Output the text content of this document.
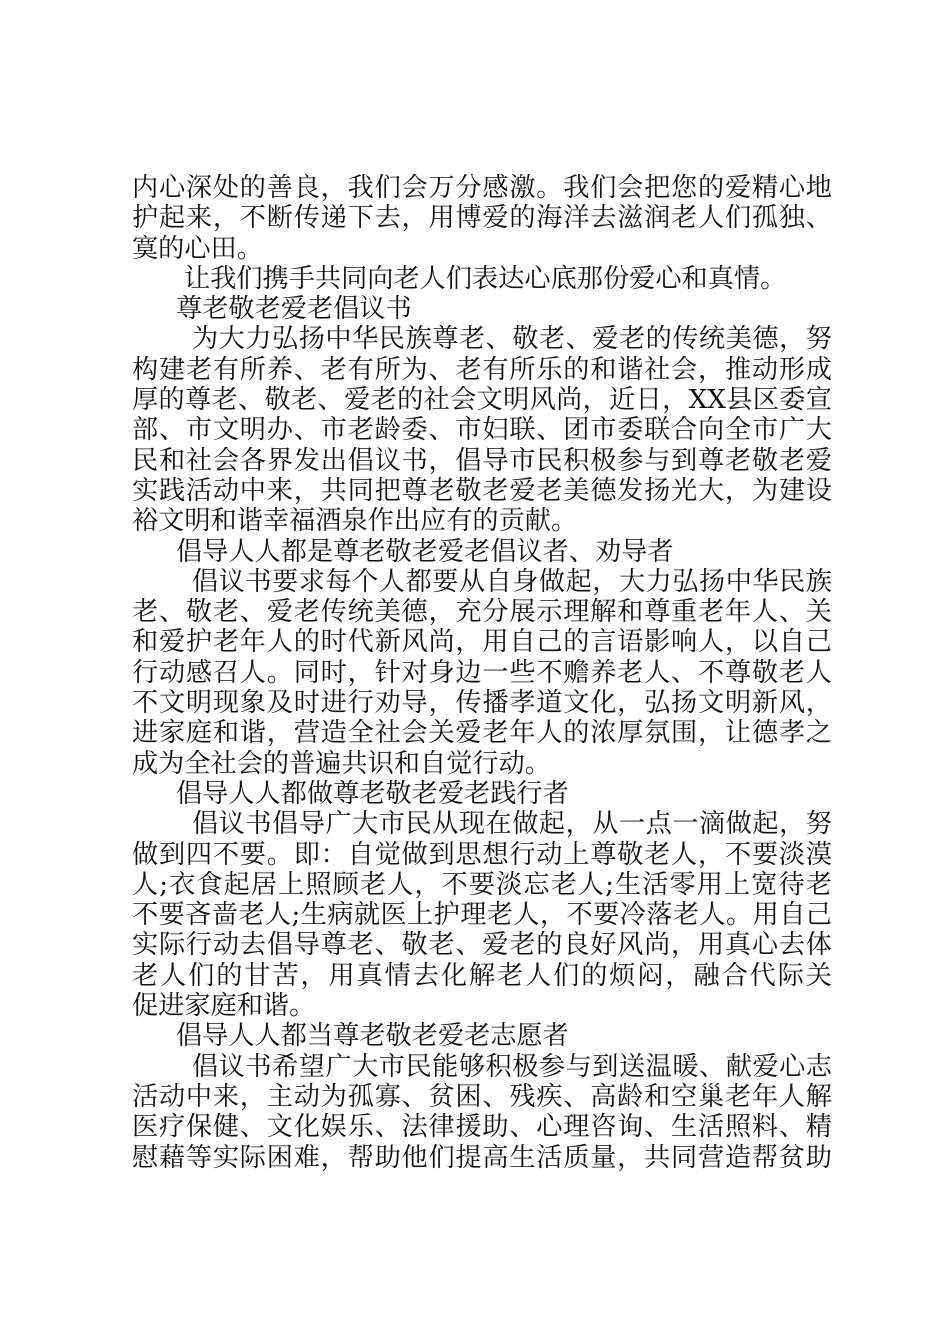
内心深处的善良，我们会万分感激。我们会把您的爱精心地
护起来，不断传递下去，用博爱的海洋去滋润老人们孤独、
寞的心田。
让我们携手共同向老人们表达心底那份爱心和真情。
尊老敬老爱老倡议书
为大力弘扬中华民族尊老、敬老、爱老的传统美德，努
构建老有所养、老有所为、老有所乐的和谐社会，推动形成
厚的尊老、敬老、爱老的社会文明风尚，近日，XX县区委宣
部、市文明办、市老龄委、市妇联、团市委联合向全市广大
民和社会各界发出倡议书，倡导市民积极参与到尊老敬老爱
实践活动中来，共同把尊老敬老爱老美德发扬光大，为建设
裕文明和谐幸福酒泉作出应有的贡献。
倡导人人都是尊老敬老爱老倡议者、劝导者
倡议书要求每个人都要从自身做起，大力弘扬中华民族
老、敬老、爱老传统美德，充分展示理解和尊重老年人、关
和爱护老年人的时代新风尚，用自己的言语影响人，以自己
行动感召人。同时，针对身边一些不赡养老人、不尊敬老人
不文明现象及时进行劝导，传播孝道文化，弘扬文明新风，
进家庭和谐，营造全社会关爱老年人的浓厚氛围，让德孝之
成为全社会的普遍共识和自觉行动。
倡导人人都做尊老敬老爱老践行者
倡议书倡导广大市民从现在做起，从一点一滴做起，努
做到四不要。即：自觉做到思想行动上尊敬老人，不要淡漠
人;衣食起居上照顾老人，不要淡忘老人;生活零用上宽待老
不要吝啬老人;生病就医上护理老人，不要冷落老人。用自己
实际行动去倡导尊老、敬老、爱老的良好风尚，用真心去体
老人们的甘苦，用真情去化解老人们的烦闷，融合代际关
促进家庭和谐。
倡导人人都当尊老敬老爱老志愿者
倡议书希望广大市民能够积极参与到送温暖、献爱心志
活动中来，主动为孤寡、贫困、残疾、高龄和空巢老年人解
医疗保健、文化娱乐、法律援助、心理咨询、生活照料、精
慰藉等实际困难，帮助他们提高生活质量，共同营造帮贫助
